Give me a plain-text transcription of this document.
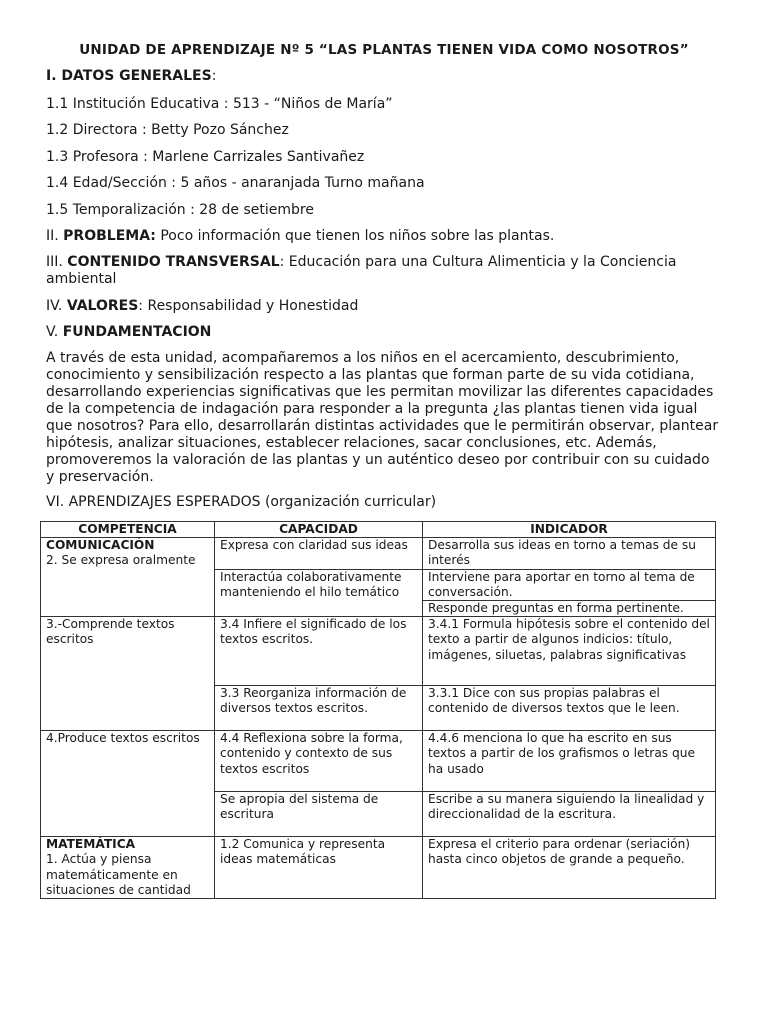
UNIDAD DE APRENDIZAJE Nº 5 “LAS PLANTAS TIENEN VIDA COMO NOSOTROS”
I. DATOS GENERALES:
1.1 Institución Educativa : 513 - “Niños de María”
1.2 Directora : Betty Pozo Sánchez
1.3 Profesora : Marlene Carrizales Santivañez
1.4 Edad/Sección : 5 años - anaranjada Turno mañana
1.5 Temporalización : 28 de setiembre
II. PROBLEMA: Poco información que tienen los niños sobre las plantas.
III. CONTENIDO TRANSVERSAL: Educación para una Cultura Alimenticia y la Conciencia ambiental
IV. VALORES: Responsabilidad y Honestidad
V. FUNDAMENTACION
A través de esta unidad, acompañaremos a los niños en el acercamiento, descubrimiento, conocimiento y sensibilización respecto a las plantas que forman parte de su vida cotidiana, desarrollando experiencias significativas que les permitan movilizar las diferentes capacidades de la competencia de indagación para responder a la pregunta ¿las plantas tienen vida igual que nosotros? Para ello, desarrollarán distintas actividades que le permitirán observar, plantear hipótesis, analizar situaciones, establecer relaciones, sacar conclusiones, etc. Además, promoveremos la valoración de las plantas y un auténtico deseo por contribuir con su cuidado y preservación.
VI. APRENDIZAJES ESPERADOS (organización curricular)
COMPETENCIA	CAPACIDAD	INDICADOR

COMUNICACIÓN
2. Se expresa oralmente	Expresa con claridad sus ideas	Desarrolla sus ideas en torno a temas de su interés
	Interactúa colaborativamente manteniendo el hilo temático	Interviene para aportar en torno al tema de conversación.
		Responde preguntas en forma pertinente.
3.-Comprende textos escritos	3.4 Infiere el significado de los textos escritos.	3.4.1 Formula hipótesis sobre el contenido del texto a partir de algunos indicios: título, imágenes, siluetas, palabras significativas
	3.3 Reorganiza información de diversos textos escritos.	3.3.1 Dice con sus propias palabras el contenido de diversos textos que le leen.
4.Produce textos escritos	4.4 Reflexiona sobre la forma, contenido y contexto de sus textos escritos	4.4.6 menciona lo que ha escrito en sus textos a partir de los grafismos o letras que ha usado
	Se apropia del sistema de escritura	Escribe a su manera siguiendo la linealidad y direccionalidad de la escritura.

MATEMÁTICA
1. Actúa y piensa matemáticamente en situaciones de cantidad	1.2 Comunica y representa ideas matemáticas	Expresa el criterio para ordenar (seriación) hasta cinco objetos de grande a pequeño.
